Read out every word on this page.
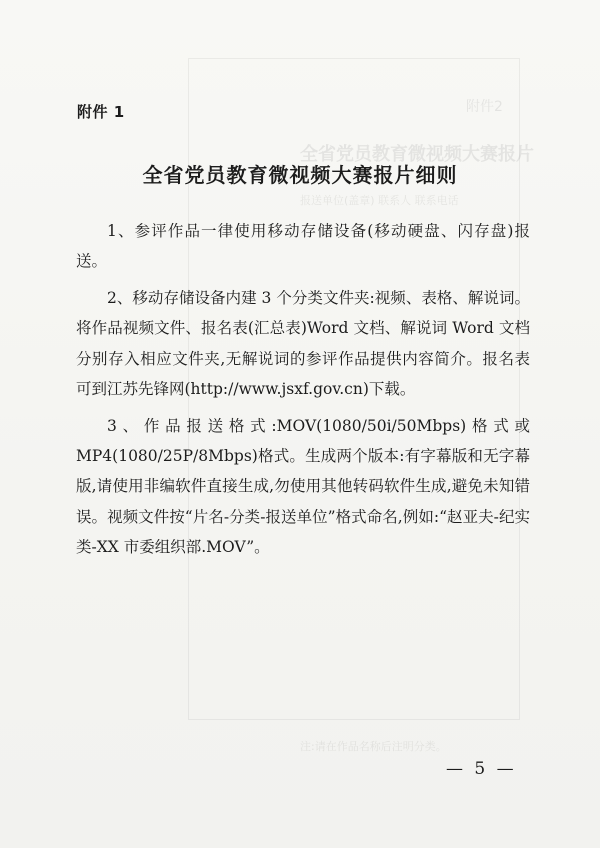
附件2
全省党员教育微视频大赛报片
报送单位(盖章) 联系人 联系电话
注:请在作品名称后注明分类。
附件 1
全省党员教育微视频大赛报片细则

1、参评作品一律使用移动存储设备(移动硬盘、闪存盘)报送。

2、移动存储设备内建 3 个分类文件夹:视频、表格、解说词。将作品视频文件、报名表(汇总表)Word 文档、解说词 Word 文档分别存入相应文件夹,无解说词的参评作品提供内容简介。报名表可到江苏先锋网(http://www.jsxf.gov.cn)下载。

3、作品报送格式:MOV(1080/50i/50Mbps)格式或 MP4(1080/25P/8Mbps)格式。生成两个版本:有字幕版和无字幕版,请使用非编软件直接生成,勿使用其他转码软件生成,避免未知错误。视频文件按“片名-分类-报送单位”格式命名,例如:“赵亚夫-纪实类-XX 市委组织部.MOV”。

— 5 —
